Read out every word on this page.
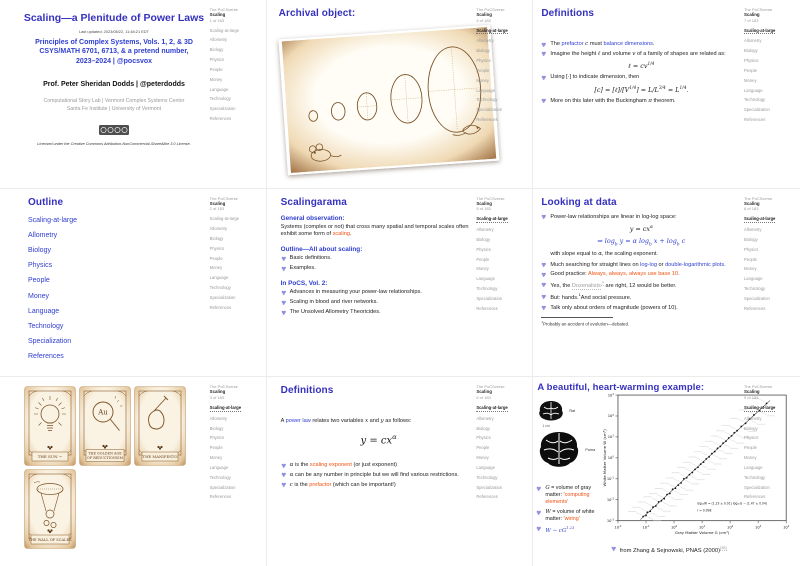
Scaling—a Plenitude of Power Laws
Last updated: 2023/08/22, 11:48:21 EDT
Principles of Complex Systems, Vols. 1, 2, & 3D
CSYS/MATH 6701, 6713, & a pretend number,
2023–2024 | @pocsvox
Prof. Peter Sheridan Dodds | @peterdodds
Computational Story Lab | Vermont Complex Systems Center
Santa Fe Institute | University of Vermont
Licensed under the Creative Commons Attribution-NonCommercial-ShareAlike 3.0 License.
The PoCSverse
Scaling
1 of 183
Scaling-at-large
Allometry
Biology
Physics
People
Money
Language
Technology
Specialization
References
Outline
Scaling-at-large
Allometry
Biology
Physics
People
Money
Language
Technology
Specialization
References
The PoCSverse
Scaling
2 of 183
Scaling-at-large
Allometry
Biology
Physics
People
Money
Language
Technology
Specialization
References
THE SUN ~
Au
THE GOLDEN AGE
OF REDUCTIONISM	THE MANIFESTO
THE WALL OF SCALES
The PoCSverse
Scaling
3 of 183
Scaling-at-large
Allometry
Biology
Physics
People
Money
Language
Technology
Specialization
References
Archival object:	The PoCSverse
Scaling
4 of 183
Scaling-at-large
Allometry
Biology
Physics
People
Money
Language
Technology
Specialization
References
Scalingarama
General observation:
Systems (complex or not) that cross many spatial and temporal scales often exhibit some form of scaling.
Outline—All about scaling:
Basic definitions.
Examples.
In PoCS, Vol. 2:
Advances in measuring your power-law relationships.
Scaling in blood and river networks.
The Unsolved Allometry Theoricides.
The PoCSverse
Scaling
5 of 183
Scaling-at-large
Allometry
Biology
Physics
People
Money
Language
Technology
Specialization
References
Definitions
A power law relates two variables x and y as follows:
$y = cx^\alpha$
α is the scaling exponent (or just exponent)
α can be any number in principle but we will find various restrictions.
c is the prefactor (which can be important!)
The PoCSverse
Scaling
6 of 183
Scaling-at-large
Allometry
Biology
Physics
People
Money
Language
Technology
Specialization
References
Definitions
The prefactor c must balance dimensions.
Imagine the height ℓ and volume v of a family of shapes are related as:
ℓ = $cv^{1/4}$
Using [·] to indicate dimension, then
$[c] = [\ell]/[V^{1/4}] = L/L^{3/4} = L^{1/4}$.
More on this later with the Buckingham π theorem.
The PoCSverse
Scaling
7 of 183
Scaling-at-large
Allometry
Biology
Physics
People
Money
Language
Technology
Specialization
References
Looking at data
Power-law relationships are linear in log-log space:
$y = cx^\alpha$
⇒ $\log_b y = \alpha$ $\log_b x + \log_b c$
with slope equal to α, the scaling exponent.
Much searching for straight lines on log-log or double-logarithmic plots.
Good practice: Always, always, always use base 10.
Yes, the Dozenalists↗ are right, 12 would be better.
But: hands.$^1$And social pressure.
Talk only about orders of magnitude (powers of 10).
$^1$Probably an accident of evolution—debated.
The PoCSverse
Scaling
8 of 183
Scaling-at-large
Allometry
Biology
Physics
People
Money
Language
Technology
Specialization
References
A beautiful, heart-warming example:
Rat
1 cm
Puma
G = volume of gray matter: 'computing elements'
W = volume of white matter: 'wiring'
W ∼ $cG^{1.23}$	$10^{-2}$	$10^{-1}$	$10^0$	$10^1$	$10^2$	$10^3$	$10^4$
$10^{-3}$
$10^{-2}$
$10^{-1}$
$10^0$
$10^1$
$10^2$
$10^3$
log₁₀W = (1.23 ± 0.01) log₁₀G − (1.47 ± 0.04)
r = 0.998
Gray Matter Volume G (cm³)
White Matter Volume W (cm³)
from Zhang & Sejnowski, PNAS (2000)[38]
The PoCSverse
Scaling
9 of 183
Scaling-at-large
Allometry
Biology
Physics
People
Money
Language
Technology
Specialization
References
